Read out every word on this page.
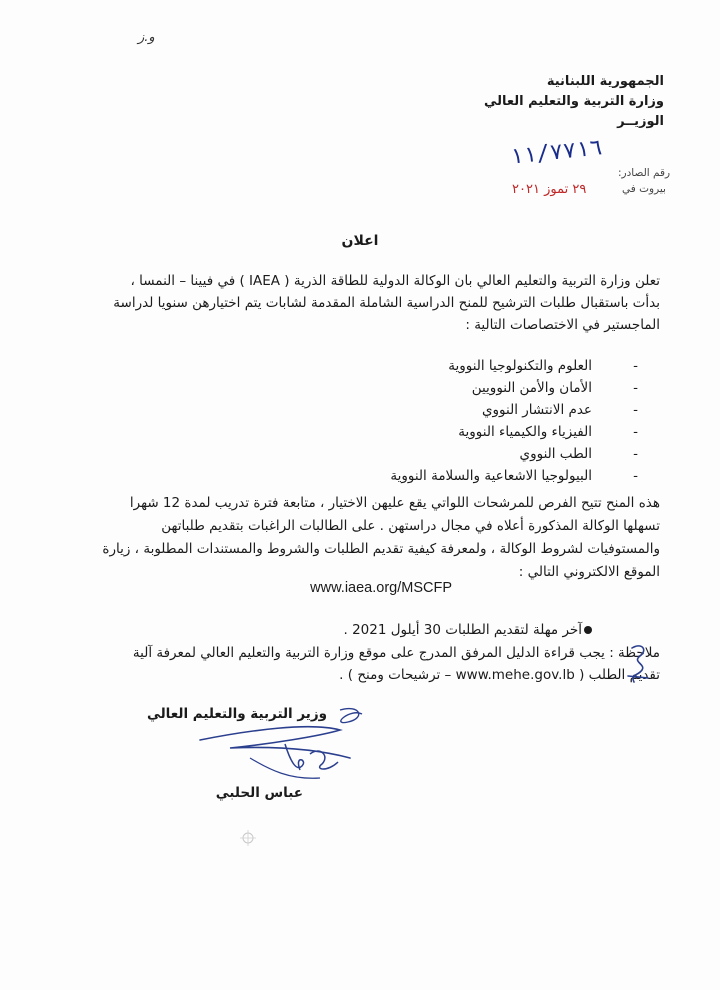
و.ز
الجمهورية اللبنانية
وزارة التربية والتعليم العالي
الوزيــر
١١/٧٧١٦
رقم الصادر:
٢٩ تموز ٢٠٢١	بيروت في
اعلان
تعلن وزارة التربية والتعليم العالي بان الوكالة الدولية للطاقة الذرية ( IAEA ) في فيينا – النمسا ، بدأت باستقبال طلبات الترشيح للمنح الدراسية الشاملة المقدمة لشابات يتم اختيارهن سنويا لدراسة الماجستير في الاختصاصات التالية :
-
العلوم والتكنولوجيا النووية
-
الأمان والأمن النوويين
-
عدم الانتشار النووي
-
الفيزياء والكيمياء النووية
-
الطب النووي
-
البيولوجيا الاشعاعية والسلامة النووية
هذه المنح تتيح الفرص للمرشحات اللواتي يقع عليهن الاختيار ، متابعة فترة تدريب لمدة 12 شهرا تسهلها الوكالة المذكورة أعلاه في مجال دراستهن . على الطالبات الراغبات بتقديم طلباتهن والمستوفيات لشروط الوكالة ، ولمعرفة كيفية تقديم الطلبات والشروط والمستندات المطلوبة ، زيارة الموقع الالكتروني التالي :
www.iaea.org/MSCFP
آخر مهلة لتقديم الطلبات 30 أيلول 2021 .
ملاحظة : يجب قراءة الدليل المرفق المدرج على موقع وزارة التربية والتعليم العالي لمعرفة آلية تقديم الطلب ( www.mehe.gov.lb – ترشيحات ومنح ) .
وزير التربية والتعليم العالي
عباس الحلبي
